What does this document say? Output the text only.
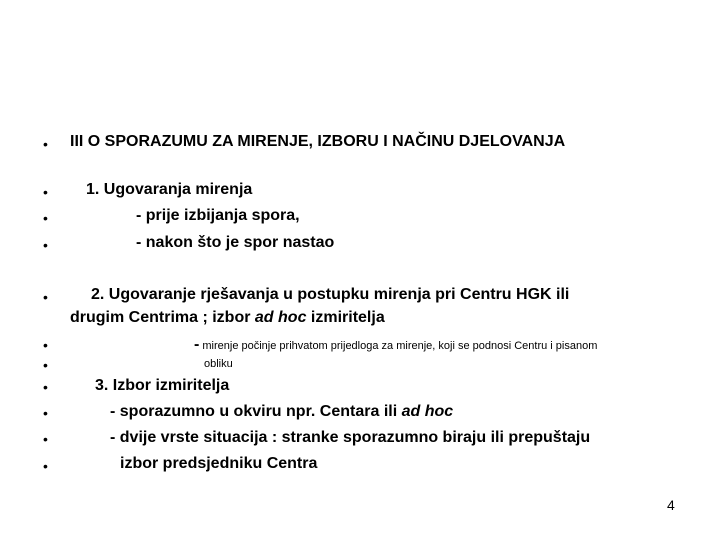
• III O SPORAZUMU ZA MIRENJE, IZBORU I NAČINU DJELOVANJA
• 1. Ugovaranja mirenja
•	- prije izbijanja spora,
•	- nakon što je spor nastao
•	2. Ugovaranje rješavanja u postupku mirenja pri Centru HGK ili
drugim Centrima ; izbor ad hoc izmiritelja
•	- mirenje počinje prihvatom prijedloga za mirenje, koji se podnosi Centru i pisanom
•	obliku
•	3. Izbor izmiritelja
•	- sporazumno u okviru npr. Centara ili ad hoc
•	- dvije vrste situacija : stranke sporazumno biraju ili prepuštaju
•	izbor predsjedniku Centra
4
